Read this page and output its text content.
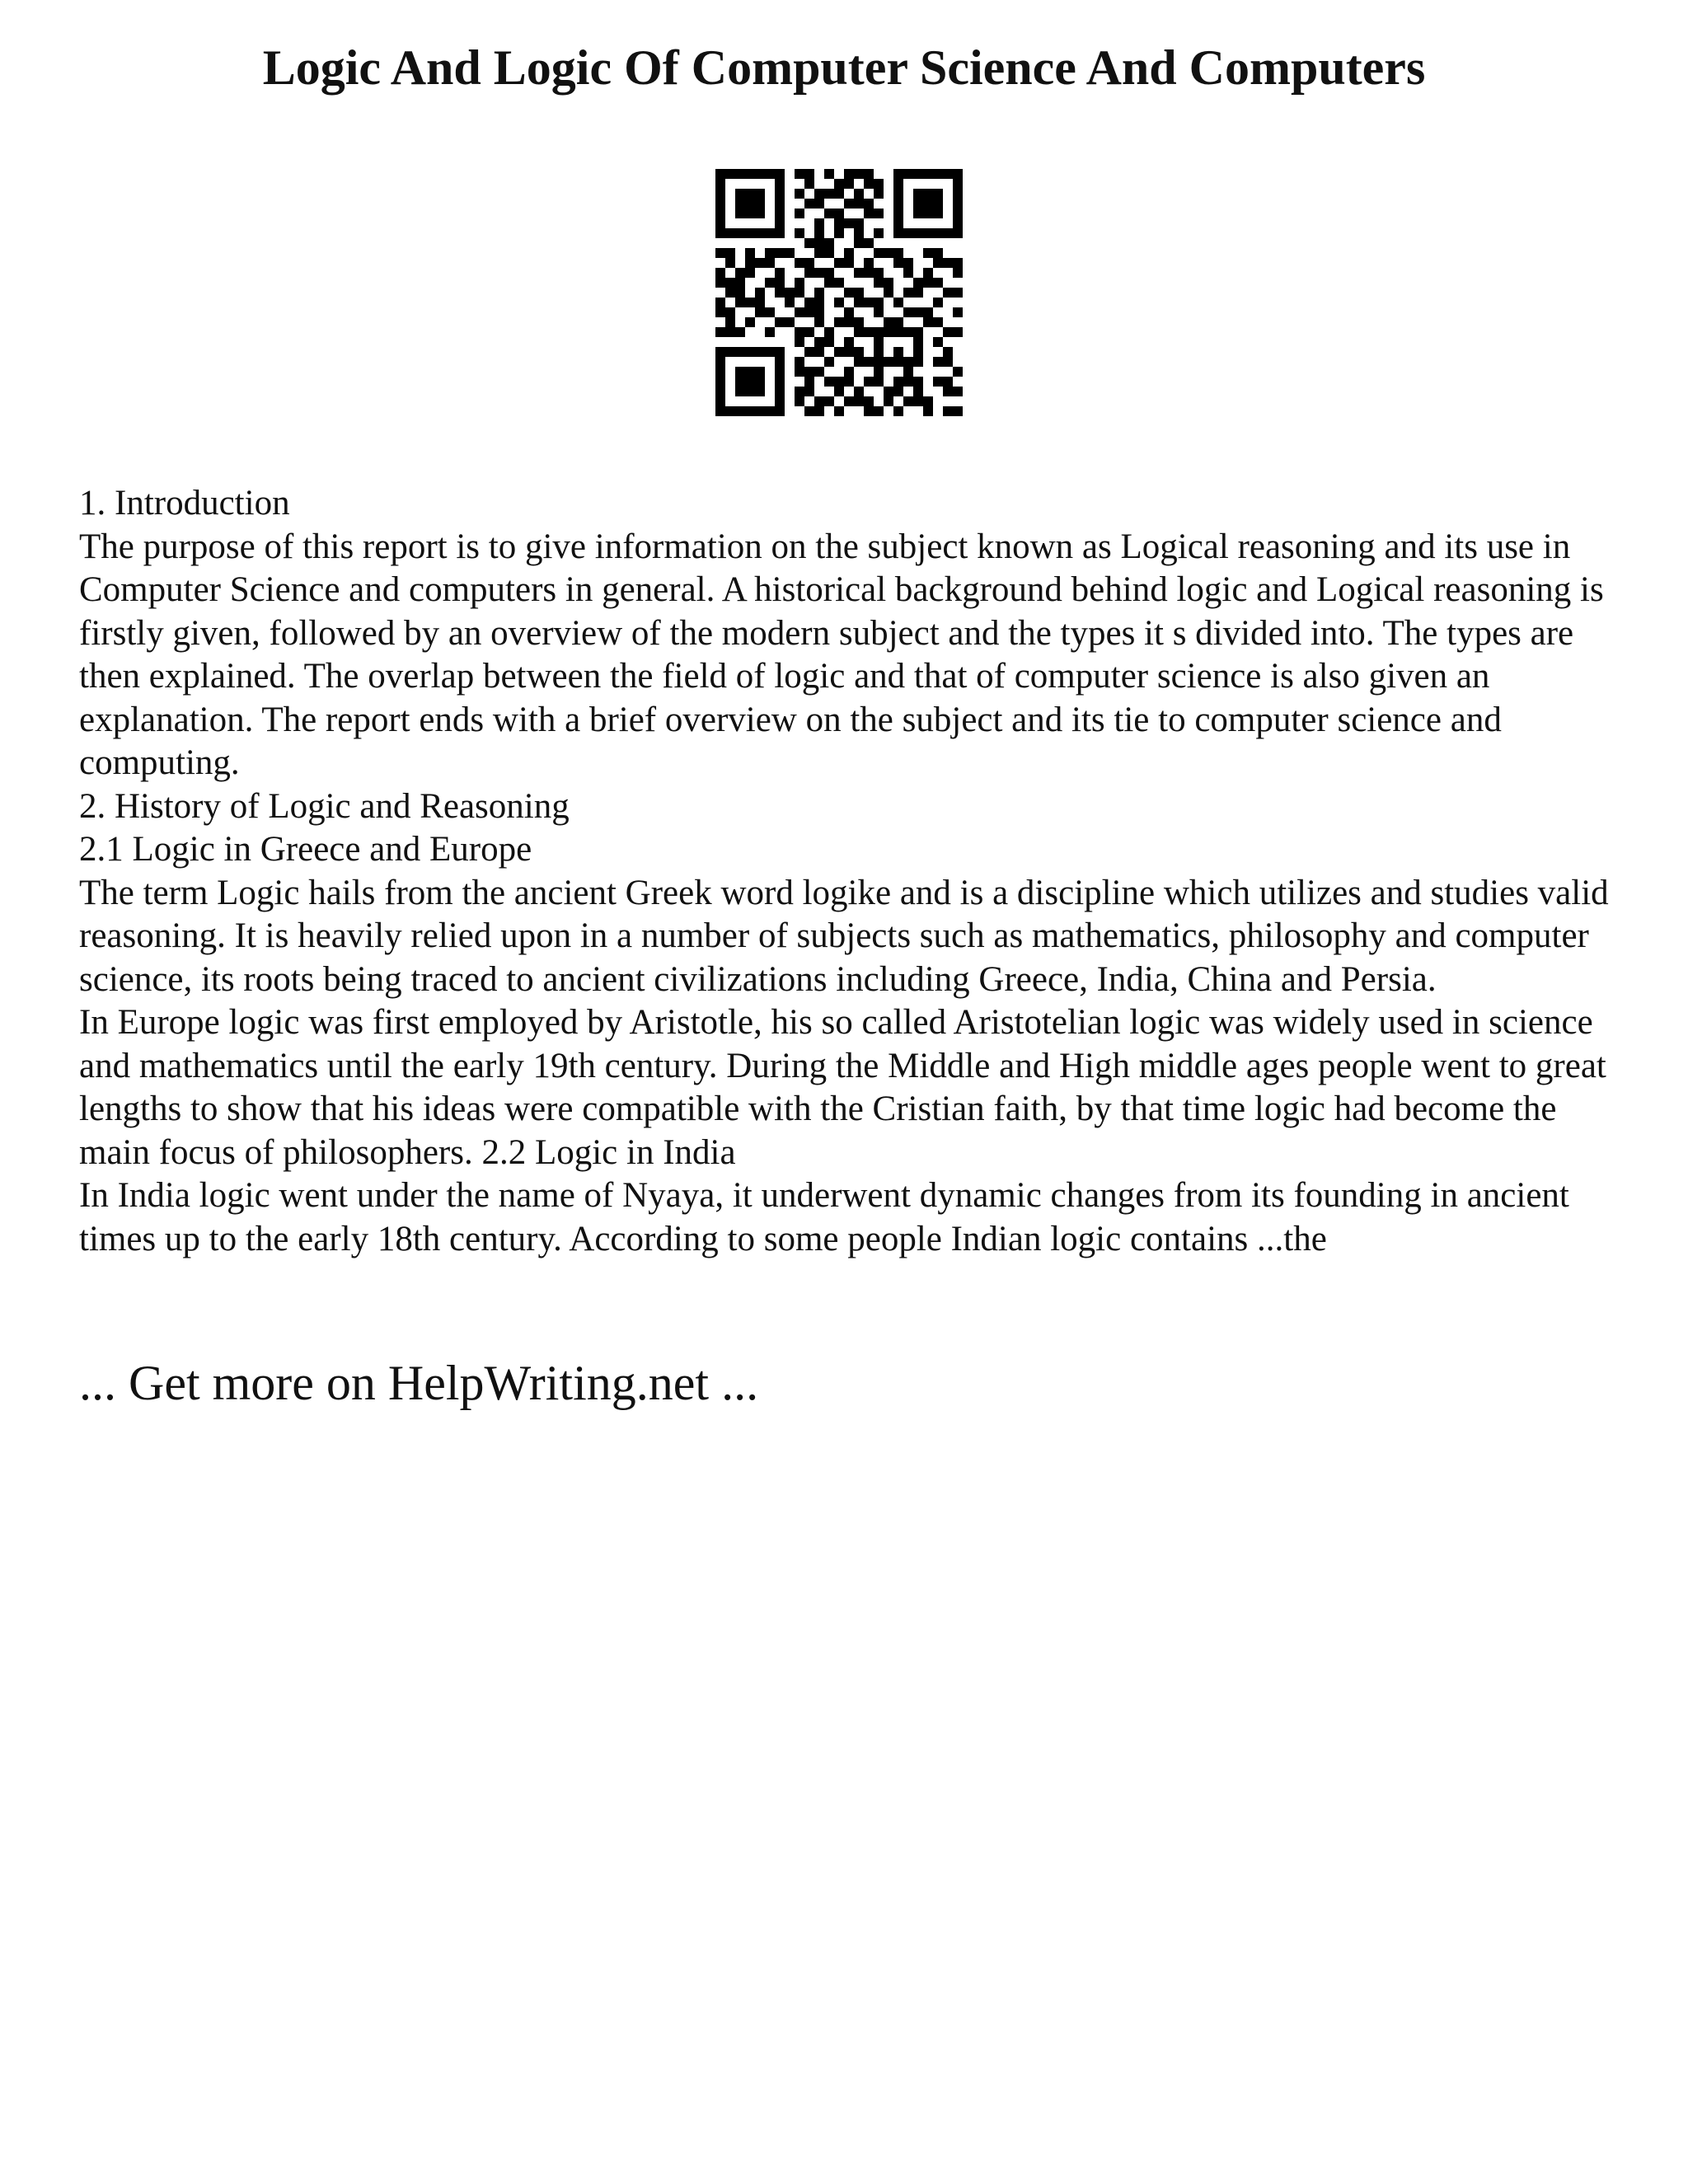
Logic And Logic Of Computer Science And Computers

1. Introduction

The purpose of this report is to give information on the subject known as Logical reasoning and its use in Computer Science and computers in general. A historical background behind logic and Logical reasoning is firstly given, followed by an overview of the modern subject and the types it s divided into. The types are then explained. The overlap between the field of logic and that of computer science is also given an explanation. The report ends with a brief overview on the subject and its tie to computer science and computing.

2. History of Logic and Reasoning

2.1 Logic in Greece and Europe

The term Logic hails from the ancient Greek word logike and is a discipline which utilizes and studies valid reasoning. It is heavily relied upon in a number of subjects such as mathematics, philosophy and computer science, its roots being traced to ancient civilizations including Greece, India, China and Persia.

In Europe logic was first employed by Aristotle, his so called Aristotelian logic was widely used in science and mathematics until the early 19th century. During the Middle and High middle ages people went to great lengths to show that his ideas were compatible with the Cristian faith, by that time logic had become the main focus of philosophers. 2.2 Logic in India

In India logic went under the name of Nyaya, it underwent dynamic changes from its founding in ancient times up to the early 18th century. According to some people Indian logic contains ...the

... Get more on HelpWriting.net ...
